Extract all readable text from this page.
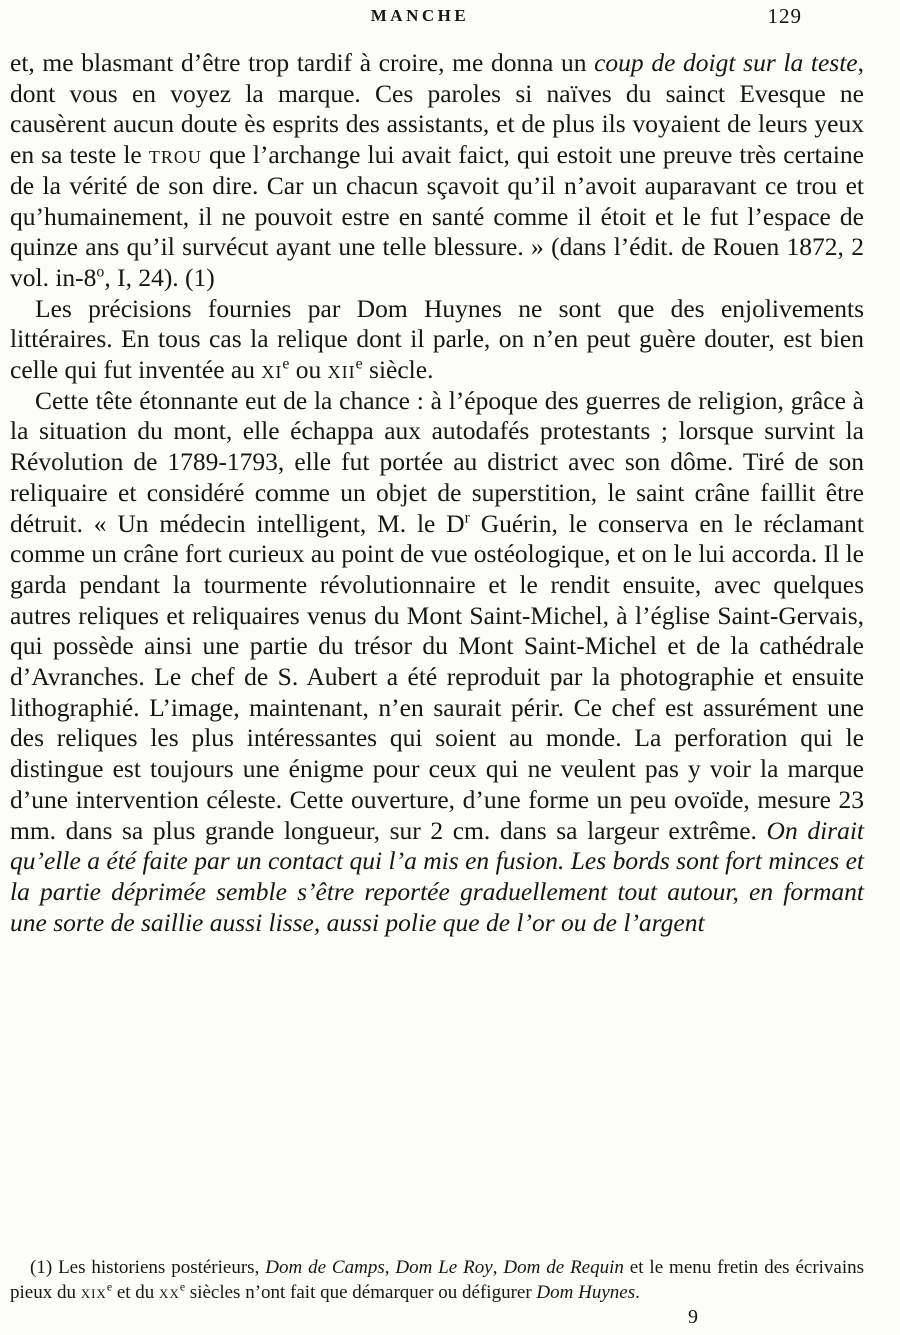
MANCHE	129

et, me blasmant d’être trop tardif à croire, me donna un coup de doigt sur la teste, dont vous en voyez la marque. Ces paroles si naïves du sainct Evesque ne causèrent aucun doute ès esprits des assistants, et de plus ils voyaient de leurs yeux en sa teste le trou que l’archange lui avait faict, qui estoit une preuve très certaine de la vérité de son dire. Car un chacun sçavoit qu’il n’avoit auparavant ce trou et qu’humainement, il ne pouvoit estre en santé comme il étoit et le fut l’espace de quinze ans qu’il survécut ayant une telle blessure. » (dans l’édit. de Rouen 1872, 2 vol. in-8$^o$, I, 24). (1)

Les précisions fournies par Dom Huynes ne sont que des enjolivements littéraires. En tous cas la relique dont il parle, on n’en peut guère douter, est bien celle qui fut inventée au $xi^e$ ou xii$^e$ siècle.

Cette tête étonnante eut de la chance : à l’époque des guerres de religion, grâce à la situation du mont, elle échappa aux autodafés protestants ; lorsque survint la Révolution de 1789-1793, elle fut portée au district avec son dôme. Tiré de son reliquaire et considéré comme un objet de superstition, le saint crâne faillit être détruit. « Un médecin intelligent, M. le $D^r$ Guérin, le conserva en le réclamant comme un crâne fort curieux au point de vue ostéologique, et on le lui accorda. Il le garda pendant la tourmente révolutionnaire et le rendit ensuite, avec quelques autres reliques et reliquaires venus du Mont Saint-Michel, à l’église Saint-Gervais, qui possède ainsi une partie du trésor du Mont Saint-Michel et de la cathédrale d’Avranches. Le chef de S. Aubert a été reproduit par la photographie et ensuite lithographié. L’image, maintenant, n’en saurait périr. Ce chef est assurément une des reliques les plus intéressantes qui soient au monde. La perforation qui le distingue est toujours une énigme pour ceux qui ne veulent pas y voir la marque d’une intervention céleste. Cette ouverture, d’une forme un peu ovoïde, mesure 23 mm. dans sa plus grande longueur, sur 2 cm. dans sa largeur extrême. On dirait qu’elle a été faite par un contact qui l’a mis en fusion. Les bords sont fort minces et la partie déprimée semble s’être reportée graduellement tout autour, en formant une sorte de saillie aussi lisse, aussi polie que de l’or ou de l’argent

(1) Les historiens postérieurs, Dom de Camps, Dom Le Roy, Dom de Requin et le menu fretin des écrivains pieux du xix$^e$ et du $xx^e$ siècles n’ont fait que démarquer ou défigurer Dom Huynes.

9
